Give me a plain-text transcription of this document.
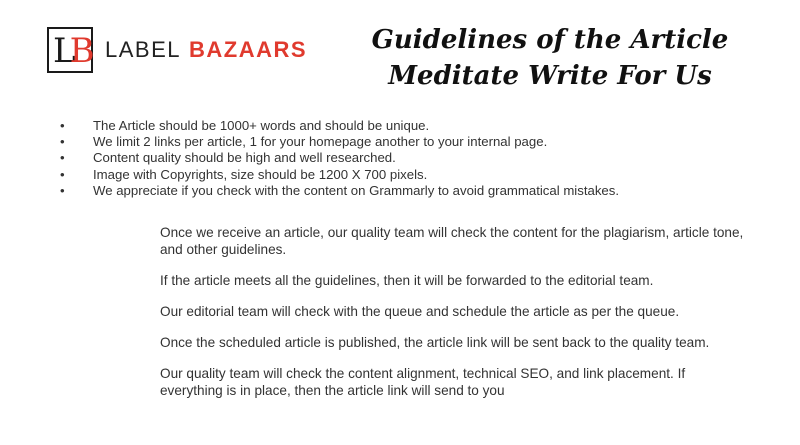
LB LABEL BAZAARS Guidelines of the Article
Meditate Write For Us
• The Article should be 1000+ words and should be unique.
• We limit 2 links per article, 1 for your homepage another to your internal page.
• Content quality should be high and well researched.
• Image with Copyrights, size should be 1200 X 700 pixels.
• We appreciate if you check with the content on Grammarly to avoid grammatical mistakes.

Once we receive an article, our quality team will check the content for the plagiarism, article tone, and other guidelines.

If the article meets all the guidelines, then it will be forwarded to the editorial team.

Our editorial team will check with the queue and schedule the article as per the queue.

Once the scheduled article is published, the article link will be sent back to the quality team.

Our quality team will check the content alignment, technical SEO, and link placement. If everything is in place, then the article link will send to you
